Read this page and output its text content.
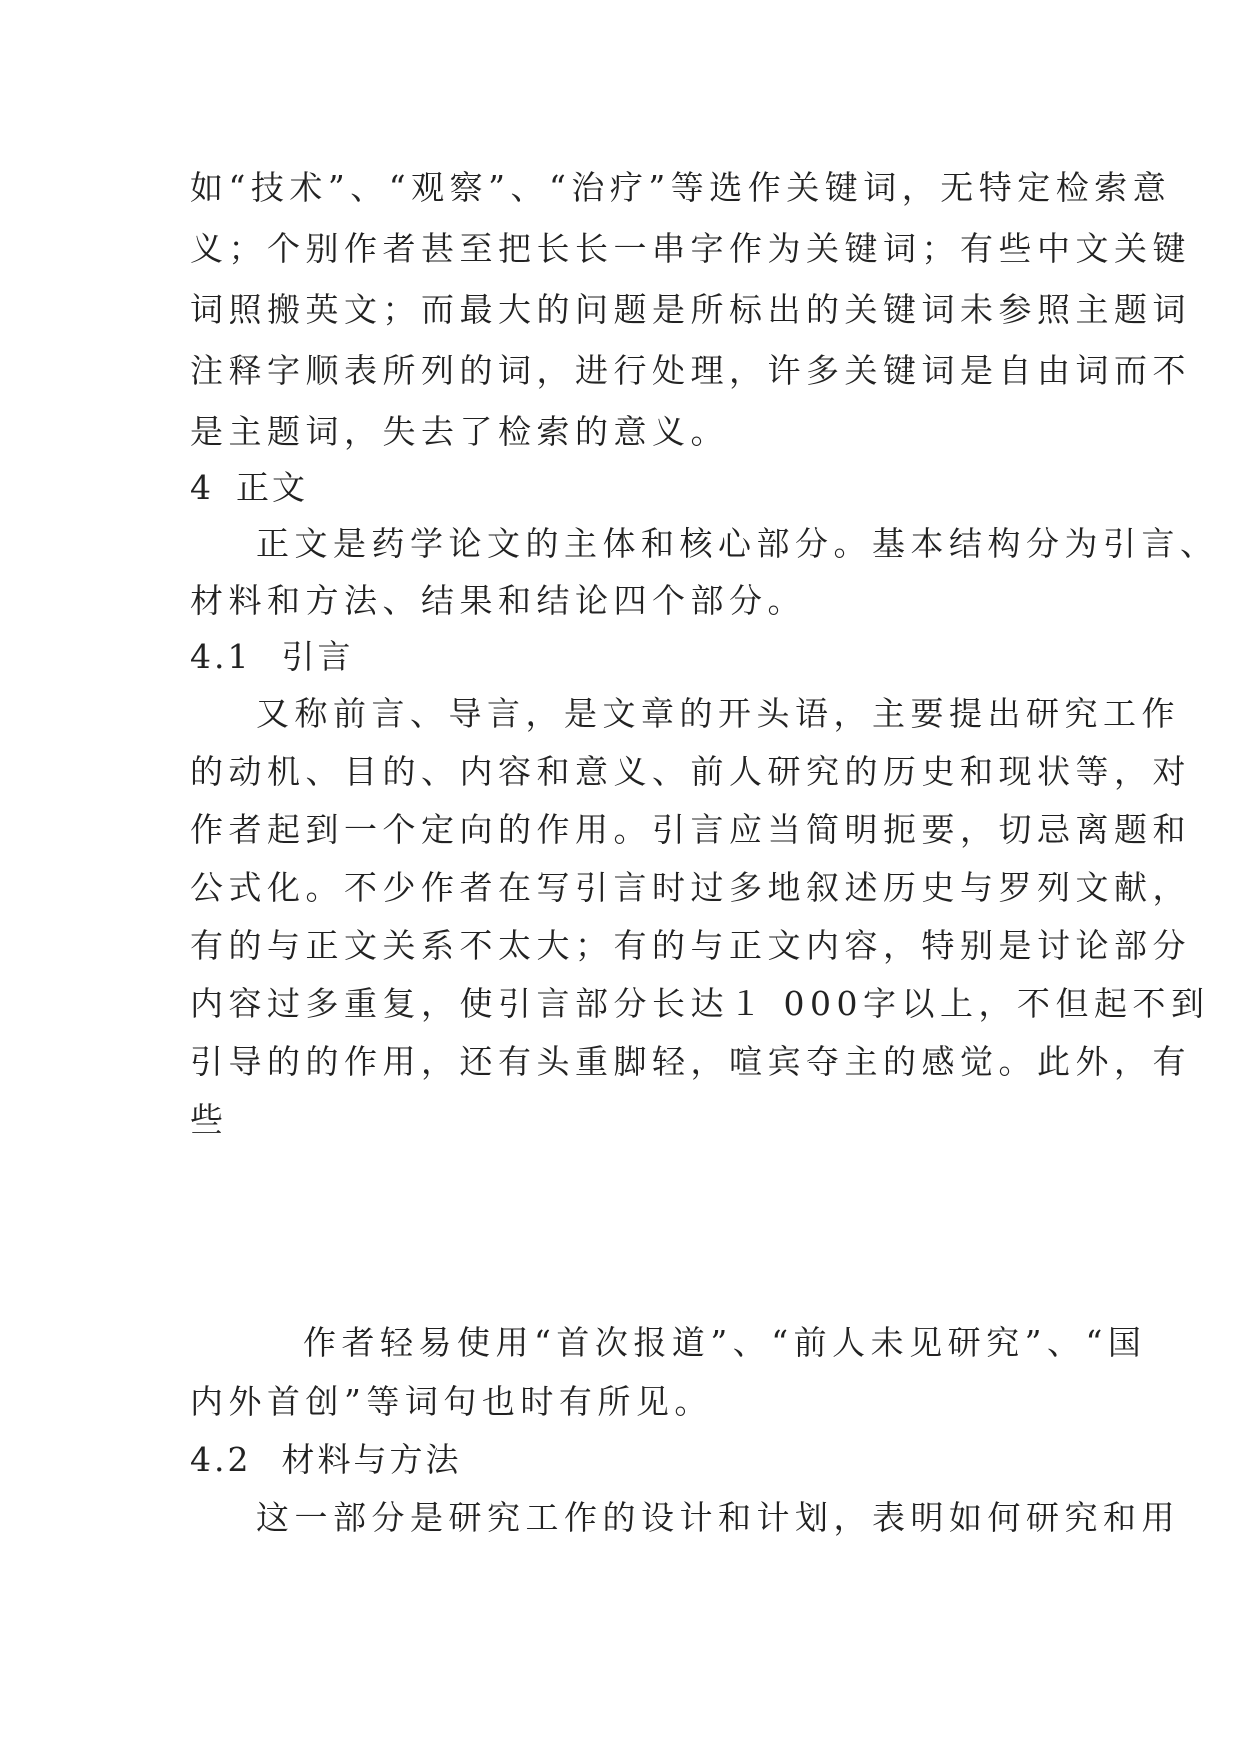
如“技术”、“观察”、“治疗”等选作关键词，无特定检索意
义；个别作者甚至把长长一串字作为关键词；有些中文关键
词照搬英文；而最大的问题是所标出的关键词未参照主题词
注释字顺表所列的词，进行处理，许多关键词是自由词而不
是主题词，失去了检索的意义。
4 正文
正文是药学论文的主体和核心部分。基本结构分为引言、
材料和方法、结果和结论四个部分。
4.1 引言
又称前言、导言，是文章的开头语，主要提出研究工作
的动机、目的、内容和意义、前人研究的历史和现状等，对
作者起到一个定向的作用。引言应当简明扼要，切忌离题和
公式化。不少作者在写引言时过多地叙述历史与罗列文献，
有的与正文关系不太大；有的与正文内容，特别是讨论部分
内容过多重复，使引言部分长达１ 000字以上，不但起不到
引导的的作用，还有头重脚轻，喧宾夺主的感觉。此外，有
些
作者轻易使用“首次报道”、“前人未见研究”、“国
内外首创”等词句也时有所见。
4.2 材料与方法
这一部分是研究工作的设计和计划，表明如何研究和用
